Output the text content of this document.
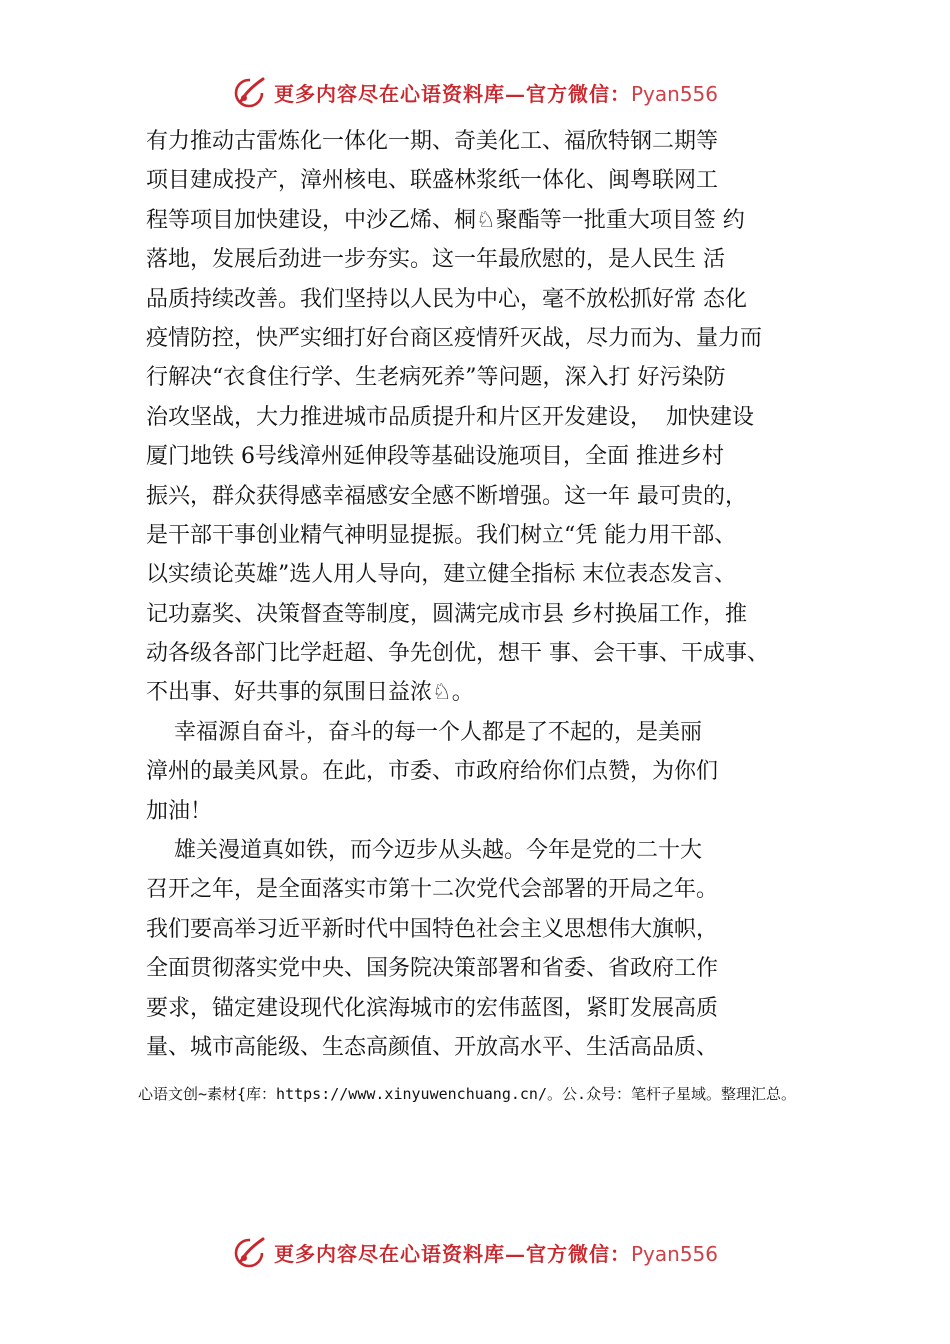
更多内容尽在心语资料库—官方微信：Pyan556
有力推动古雷炼化一体化一期、奇美化工、福欣特钢二期等
项目建成投产，漳州核电、联盛林浆纸一体化、闽粤联网工
程等项目加快建设，中沙乙烯、桐♘聚酯等一批重大项目签 约
落地，发展后劲进一步夯实。这一年最欣慰的，是人民生 活
品质持续改善。我们坚持以人民为中心，毫不放松抓好常 态化
疫情防控，快严实细打好台商区疫情歼灭战，尽力而为、量力而
行解决“衣食住行学、生老病死养”等问题，深入打 好污染防
治攻坚战，大力推进城市品质提升和片区开发建设，  加快建设
厦门地铁 6号线漳州延伸段等基础设施项目，全面 推进乡村
振兴，群众获得感幸福感安全感不断增强。这一年 最可贵的，
是干部干事创业精气神明显提振。我们树立“凭 能力用干部、
以实绩论英雄”选人用人导向，建立健全指标 末位表态发言、
记功嘉奖、决策督查等制度，圆满完成市县 乡村换届工作，推
动各级各部门比学赶超、争先创优，想干 事、会干事、干成事、
不出事、好共事的氛围日益浓♘。
幸福源自奋斗，奋斗的每一个人都是了不起的，是美丽
漳州的最美风景。在此，市委、市政府给你们点赞，为你们
加油！
雄关漫道真如铁，而今迈步从头越。今年是党的二十大
召开之年，是全面落实市第十二次党代会部署的开局之年。
我们要高举习近平新时代中国特色社会主义思想伟大旗帜，
全面贯彻落实党中央、国务院决策部署和省委、省政府工作
要求，锚定建设现代化滨海城市的宏伟蓝图，紧盯发展高质
量、城市高能级、生态高颜值、开放高水平、生活高品质、
心语文创~素材{库：https://www.xinyuwenchuang.cn/。公.众号：笔杆子星域。整理汇总。
更多内容尽在心语资料库—官方微信：Pyan556
